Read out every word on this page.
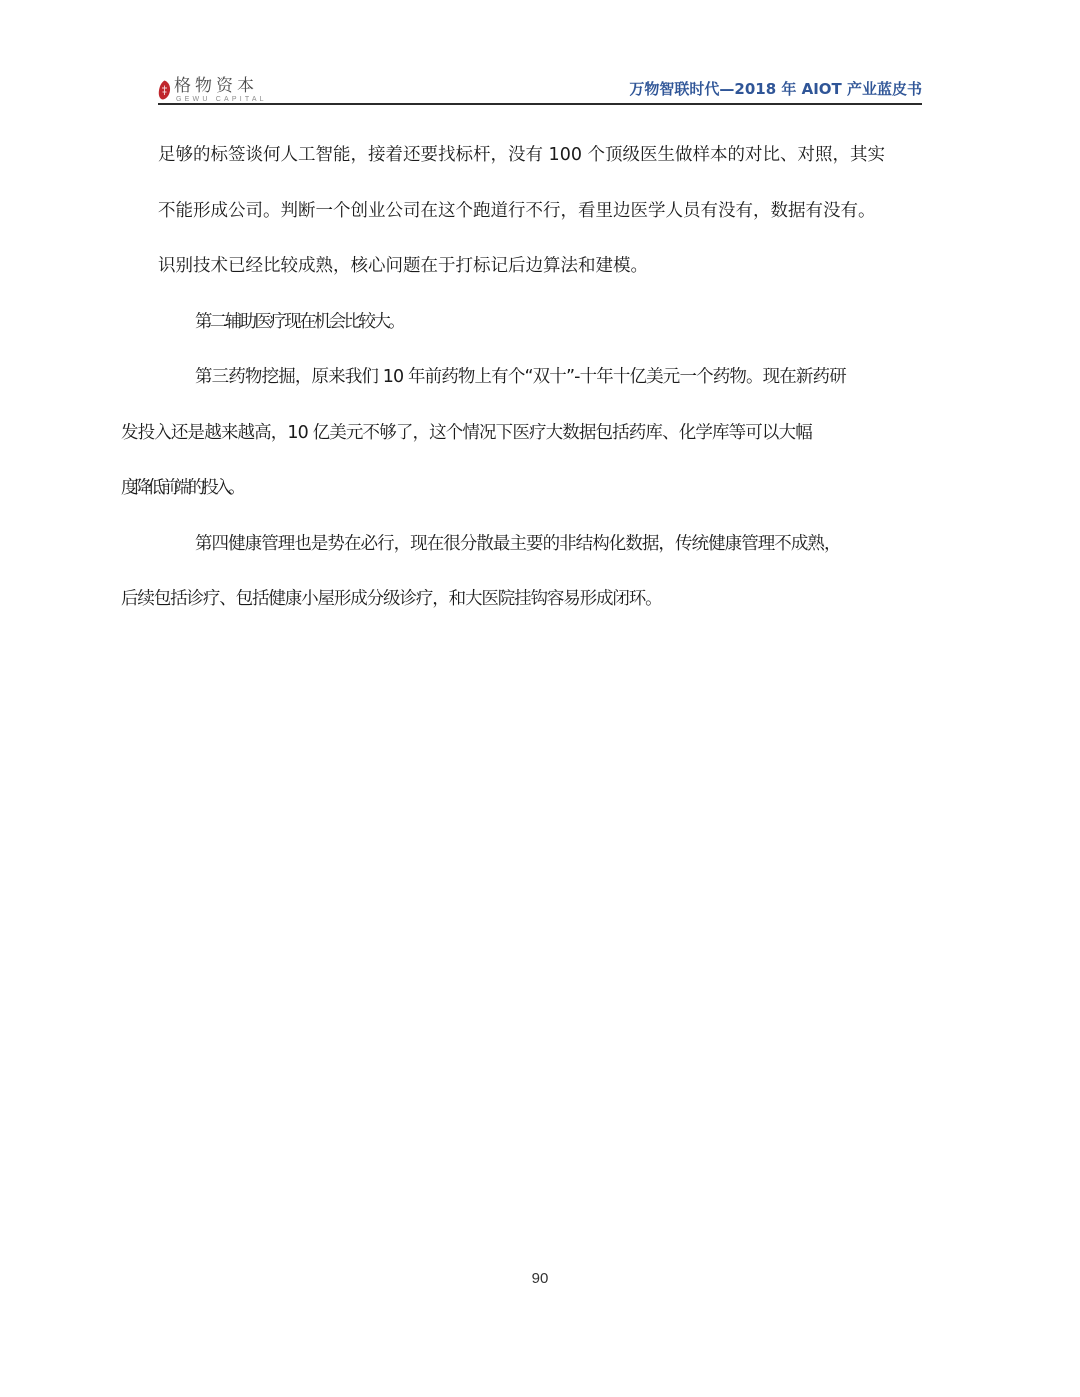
格物资本
GEWU CAPITAL
万物智联时代—2018 年 AIOT 产业蓝皮书

足够的标签谈何人工智能，接着还要找标杆，没有 100 个顶级医生做样本的对比、对照，其实
不能形成公司。判断一个创业公司在这个跑道行不行，看里边医学人员有没有，数据有没有。
识别技术已经比较成熟，核心问题在于打标记后边算法和建模。

第二辅助医疗现在机会比较大。

第三药物挖掘，原来我们 10 年前药物上有个“双十”-十年十亿美元一个药物。现在新药研
发投入还是越来越高，10 亿美元不够了，这个情况下医疗大数据包括药库、化学库等可以大幅
度降低前端的投入。

第四健康管理也是势在必行，现在很分散最主要的非结构化数据，传统健康管理不成熟，
后续包括诊疗、包括健康小屋形成分级诊疗，和大医院挂钩容易形成闭环。

90
